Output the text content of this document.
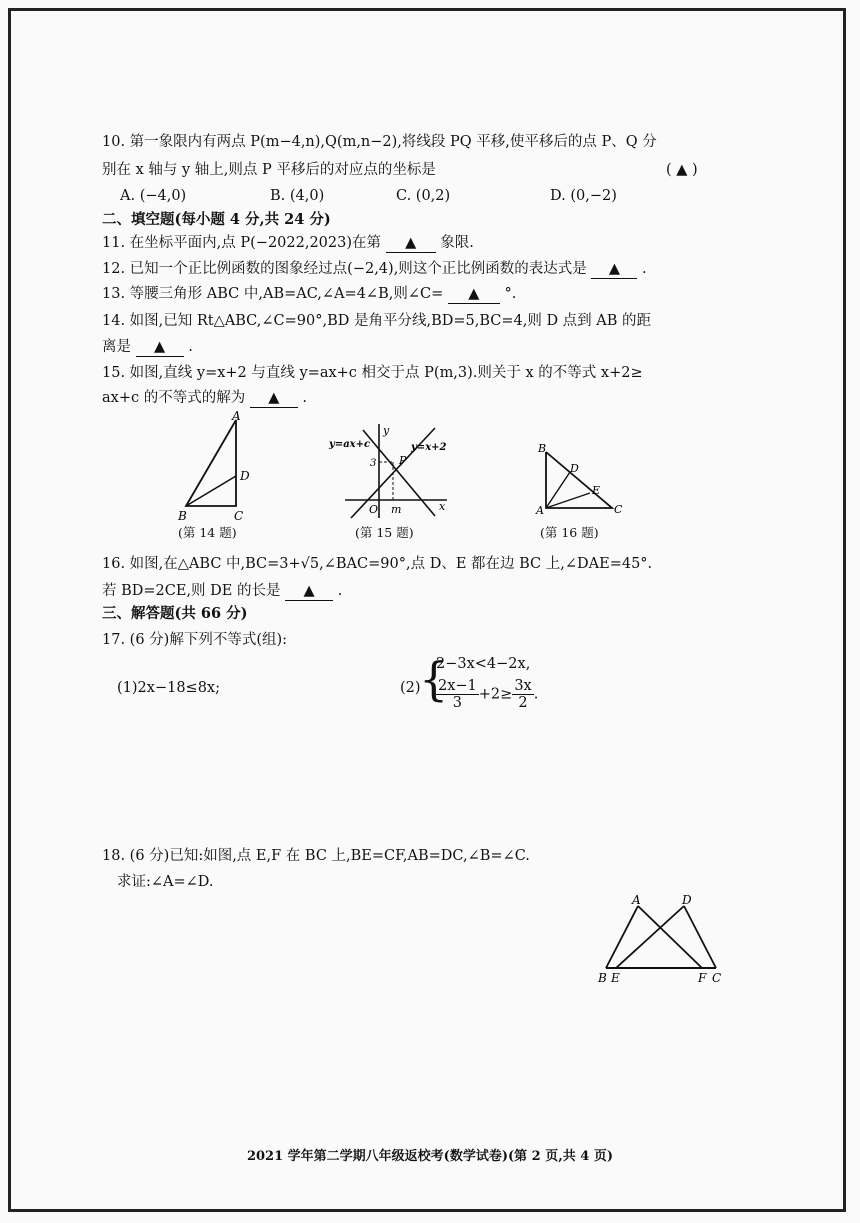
10. 第一象限内有两点 P(m−4,n),Q(m,n−2),将线段 PQ 平移,使平移后的点 P、Q 分
别在 x 轴与 y 轴上,则点 P 平移后的对应点的坐标是	( ▲ )
A. (−4,0)	B. (4,0)	C. (0,2)	D. (0,−2)
二、填空题(每小题 4 分,共 24 分)
11. 在坐标平面内,点 P(−2022,2023)在第 ▲ 象限.
12. 已知一个正比例函数的图象经过点(−2,4),则这个正比例函数的表达式是 ▲ .
13. 等腰三角形 ABC 中,AB=AC,∠A=4∠B,则∠C= ▲ °.
14. 如图,已知 Rt△ABC,∠C=90°,BD 是角平分线,BD=5,BC=4,则 D 点到 AB 的距
离是 ▲ .
15. 如图,直线 y=x+2 与直线 y=ax+c 相交于点 P(m,3).则关于 x 的不等式 x+2≥
ax+c 的不等式的解为 ▲ .
A
D
B	C
(第 14 题)
y
y=ax+c	y=x+2
3 P
O m	x
(第 15 题)
B
D
E
A	C
(第 16 题)
16. 如图,在△ABC 中,BC=3+√5,∠BAC=90°,点 D、E 都在边 BC 上,∠DAE=45°.
若 BD=2CE,则 DE 的长是 ▲ .
三、解答题(共 66 分)
17. (6 分)解下列不等式(组):
(1)2x−18≤8x;	(2)
{
2−3x<4−2x,
$\frac{2x-1}{3} +2\ge \frac{3x}{2}$ .
18. (6 分)已知:如图,点 E,F 在 BC 上,BE=CF,AB=DC,∠B=∠C.
求证:∠A=∠D.
A	D
B E	F C
2021 学年第二学期八年级返校考(数学试卷)(第 2 页,共 4 页)
